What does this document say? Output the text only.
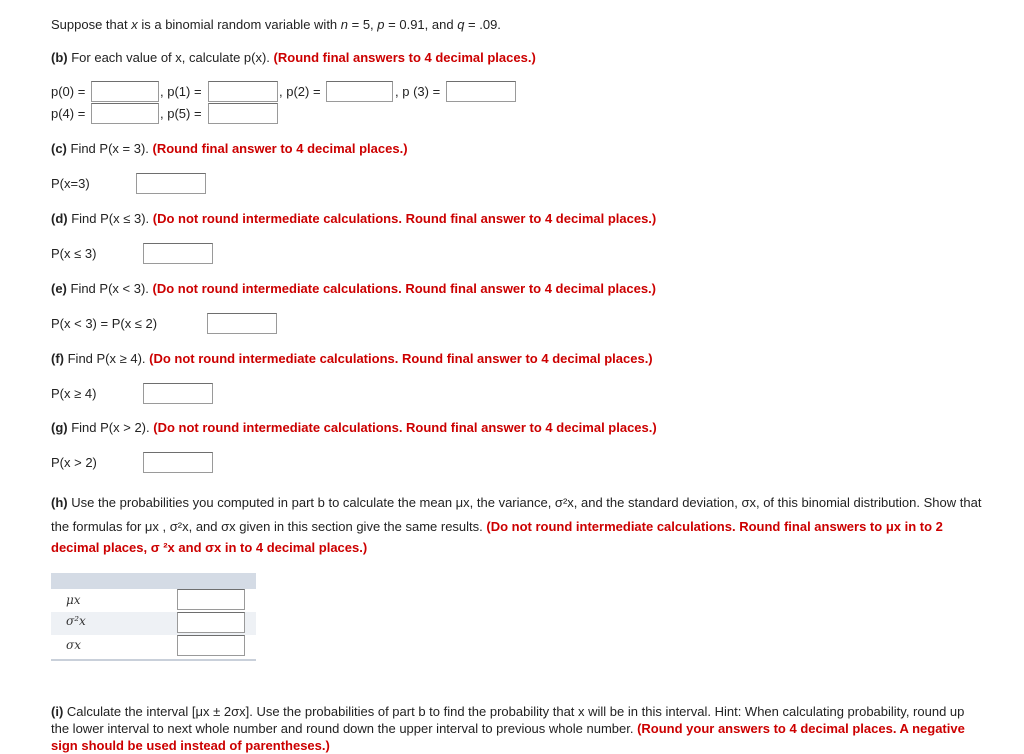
Suppose that x is a binomial random variable with n = 5, p = 0.91, and q = .09.
(b) For each value of x, calculate p(x). (Round final answers to 4 decimal places.)
p(0) =	, p(1) =	, p(2) =	, p (3) =
p(4) =	, p(5) =
(c) Find P(x = 3). (Round final answer to 4 decimal places.)
P(x=3)
(d) Find P(x ≤ 3). (Do not round intermediate calculations. Round final answer to 4 decimal places.)
P(x ≤ 3)
(e) Find P(x < 3). (Do not round intermediate calculations. Round final answer to 4 decimal places.)
P(x < 3) = P(x ≤ 2)
(f) Find P(x ≥ 4). (Do not round intermediate calculations. Round final answer to 4 decimal places.)
P(x ≥ 4)
(g) Find P(x > 2). (Do not round intermediate calculations. Round final answer to 4 decimal places.)
P(x > 2)
(h) Use the probabilities you computed in part b to calculate the mean μx, the variance, σ²x, and the standard deviation, σx, of this binomial distribution. Show that
the formulas for μx , σ²x, and σx given in this section give the same results. (Do not round intermediate calculations. Round final answers to μx in to 2
decimal places, σ ²x and σx in to 4 decimal places.)
μx
σ²x
σx
(i) Calculate the interval [μx ± 2σx]. Use the probabilities of part b to find the probability that x will be in this interval. Hint: When calculating probability, round up
the lower interval to next whole number and round down the upper interval to previous whole number. (Round your answers to 4 decimal places. A negative
sign should be used instead of parentheses.)
